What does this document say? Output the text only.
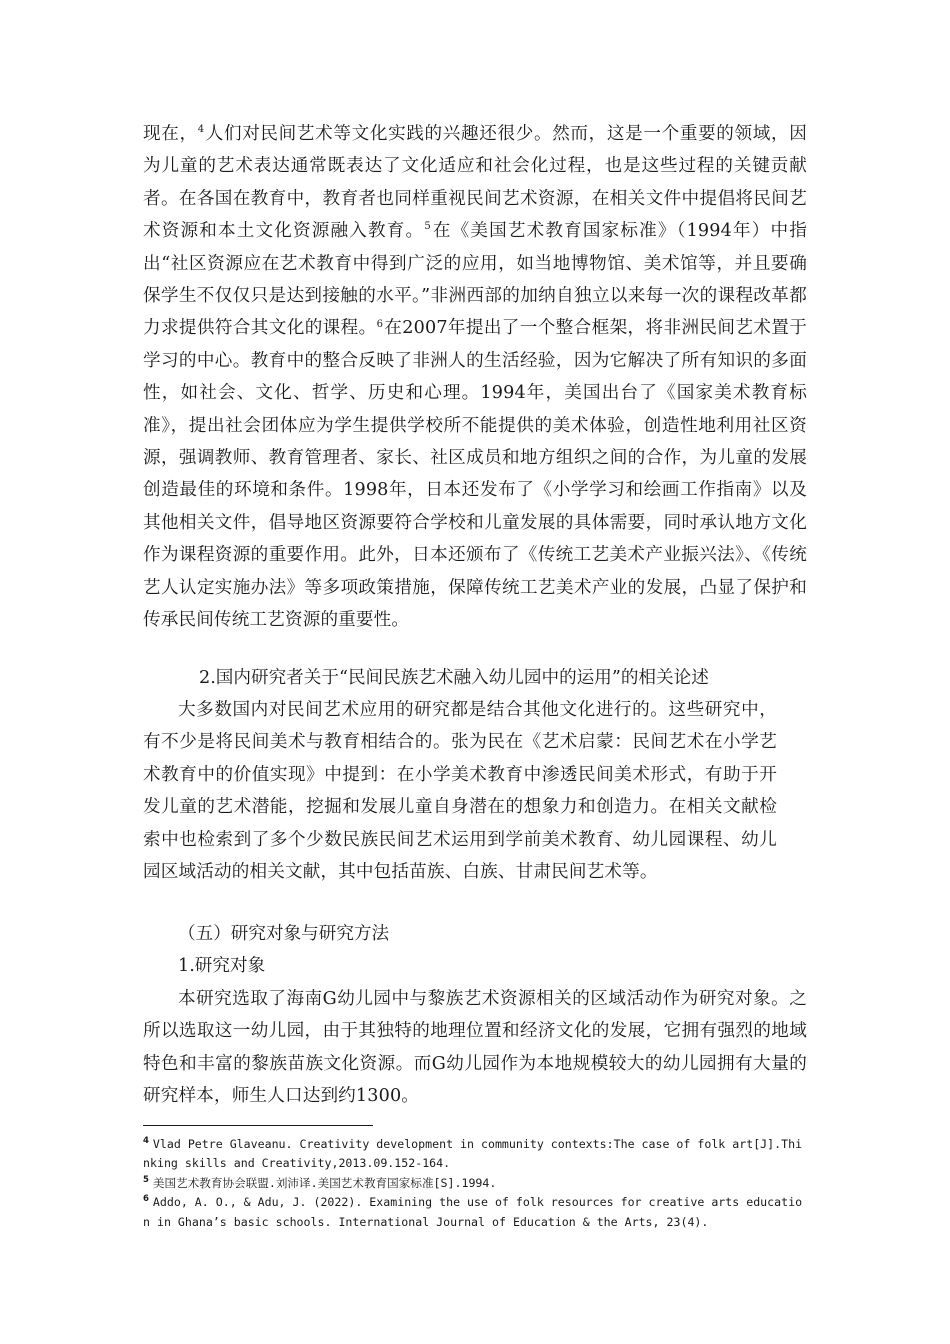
现在，$^4$人们对民间艺术等文化实践的兴趣还很少。然而，这是一个重要的领域，因为儿童的艺术表达通常既表达了文化适应和社会化过程，也是这些过程的关键贡献者。在各国在教育中，教育者也同样重视民间艺术资源，在相关文件中提倡将民间艺术资源和本土文化资源融入教育。$^5$在《美国艺术教育国家标准》（1994年）中指出“社区资源应在艺术教育中得到广泛的应用，如当地博物馆、美术馆等，并且要确保学生不仅仅只是达到接触的水平。”非洲西部的加纳自独立以来每一次的课程改革都力求提供符合其文化的课程。$^6$在2007年提出了一个整合框架，将非洲民间艺术置于学习的中心。教育中的整合反映了非洲人的生活经验，因为它解决了所有知识的多面性，如社会、文化、哲学、历史和心理。1994年，美国出台了《国家美术教育标准》，提出社会团体应为学生提供学校所不能提供的美术体验，创造性地利用社区资源，强调教师、教育管理者、家长、社区成员和地方组织之间的合作，为儿童的发展创造最佳的环境和条件。1998年，日本还发布了《小学学习和绘画工作指南》以及其他相关文件，倡导地区资源要符合学校和儿童发展的具体需要，同时承认地方文化作为课程资源的重要作用。此外，日本还颁布了《传统工艺美术产业振兴法》、《传统艺人认定实施办法》等多项政策措施，保障传统工艺美术产业的发展，凸显了保护和传承民间传统工艺资源的重要性。

2.国内研究者关于“民间民族艺术融入幼儿园中的运用”的相关论述

大多数国内对民间艺术应用的研究都是结合其他文化进行的。这些研究中，有不少是将民间美术与教育相结合的。张为民在《艺术启蒙：民间艺术在小学艺术教育中的价值实现》中提到：在小学美术教育中渗透民间美术形式，有助于开发儿童的艺术潜能，挖掘和发展儿童自身潜在的想象力和创造力。在相关文献检索中也检索到了多个少数民族民间艺术运用到学前美术教育、幼儿园课程、幼儿园区域活动的相关文献，其中包括苗族、白族、甘肃民间艺术等。

（五）研究对象与研究方法

1.研究对象

本研究选取了海南G幼儿园中与黎族艺术资源相关的区域活动作为研究对象。之所以选取这一幼儿园，由于其独特的地理位置和经济文化的发展，它拥有强烈的地域特色和丰富的黎族苗族文化资源。而G幼儿园作为本地规模较大的幼儿园拥有大量的研究样本，师生人口达到约1300。

$^4$ Vlad Petre Glaveanu. Creativity development in community contexts:The case of folk art[J].Thinking skills and Creativity,2013.09.152-164.

$^5$ 美国艺术教育协会联盟.刘沛译.美国艺术教育国家标准[S].1994.

$^6$ Addo, A. O., & Adu, J. (2022). Examining the use of folk resources for creative arts education in Ghana’s basic schools. International Journal of Education & the Arts, 23(4).
